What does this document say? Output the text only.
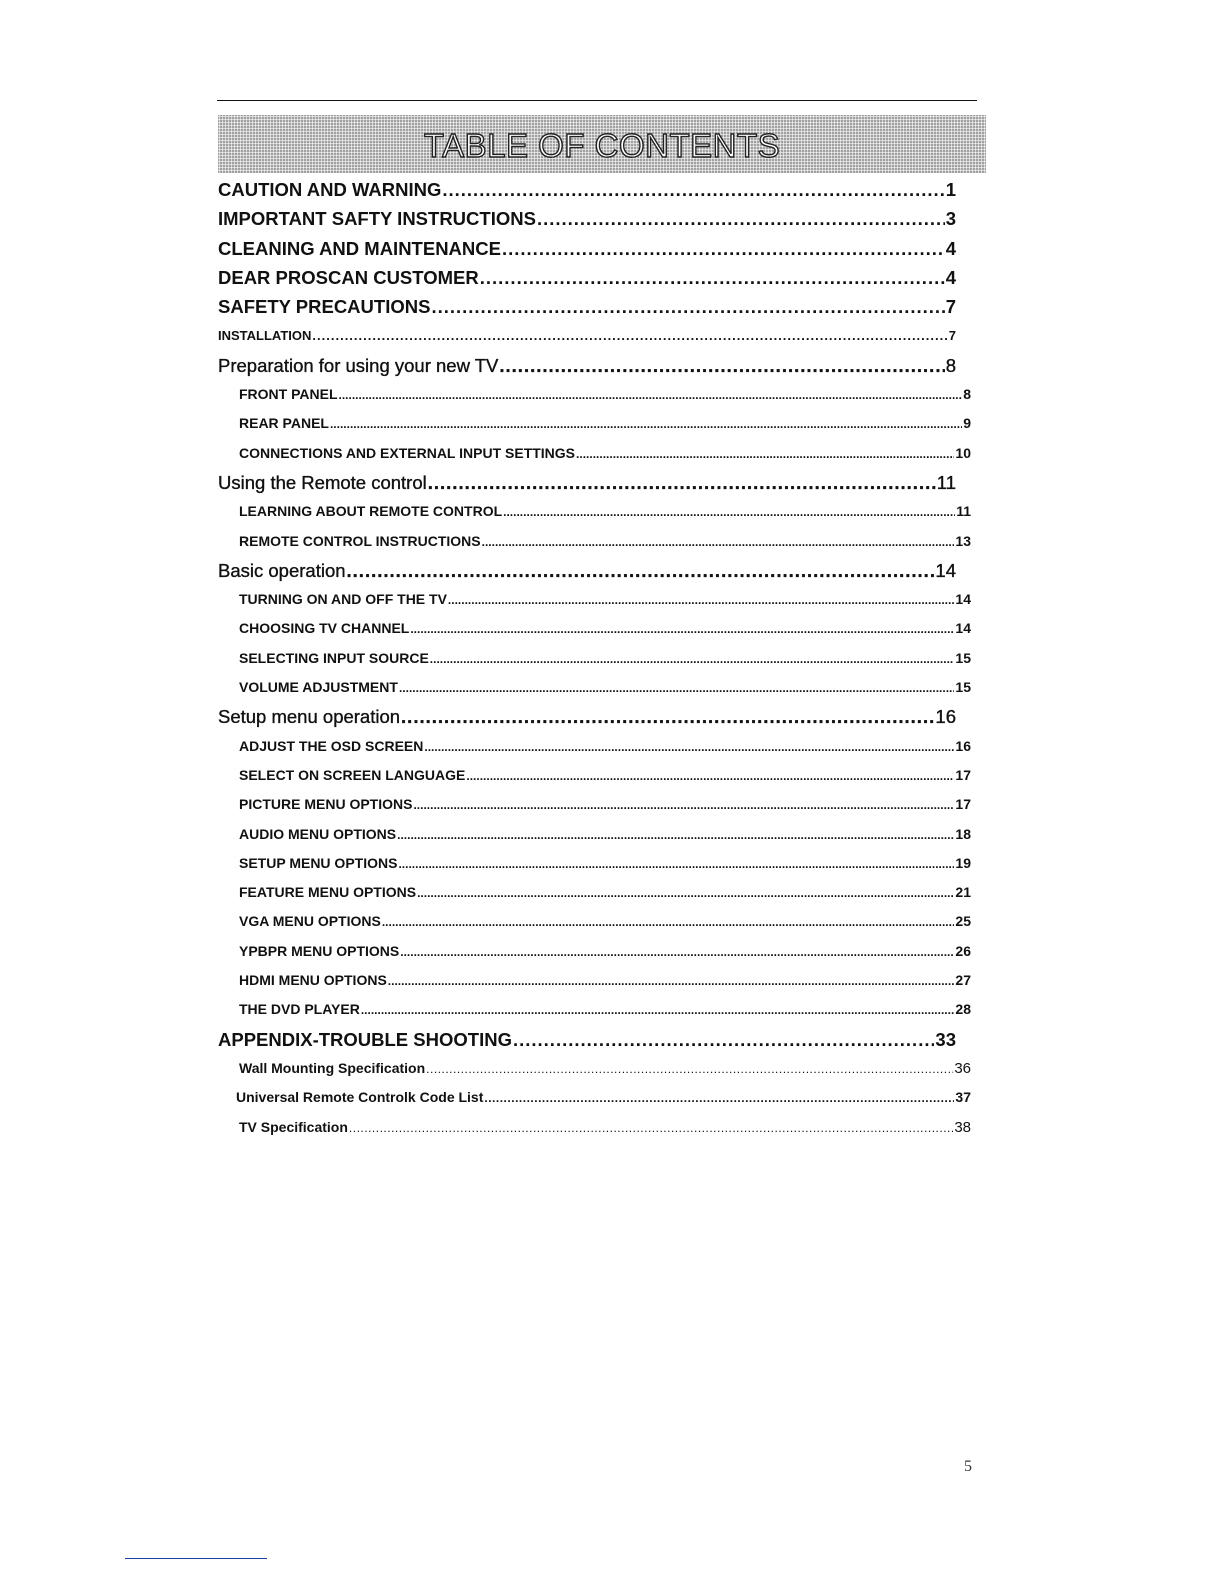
TABLE OF CONTENTS
CAUTION AND WARNING .....	1
IMPORTANT SAFTY INSTRUCTIONS .....	3
CLEANING AND MAINTENANCE .....	4
DEAR PROSCAN CUSTOMER .....	4
SAFETY PRECAUTIONS .....	7
INSTALLATION .....	7
Preparation for using your new TV .....	8
FRONT PANEL .....	8
REAR PANEL .....	9
CONNECTIONS AND EXTERNAL INPUT SETTINGS .....	10
Using the Remote control .....	11
LEARNING ABOUT REMOTE CONTROL .....	11
REMOTE CONTROL INSTRUCTIONS .....	13
Basic operation .....	14
TURNING ON AND OFF THE TV .....	14
CHOOSING TV CHANNEL .....	14
SELECTING INPUT SOURCE .....	15
VOLUME ADJUSTMENT .....	15
Setup menu operation .....	16
ADJUST THE OSD SCREEN .....	16
SELECT ON SCREEN LANGUAGE .....	17
PICTURE MENU OPTIONS .....	17
AUDIO MENU OPTIONS .....	18
SETUP MENU OPTIONS .....	19
FEATURE MENU OPTIONS .....	21
VGA MENU OPTIONS .....	25
YPBPR MENU OPTIONS .....	26
HDMI MENU OPTIONS .....	27
THE DVD PLAYER .....	28
APPENDIX-TROUBLE SHOOTING .....	33
Wall Mounting Specification .....	36
Universal Remote Controlk Code List .....	37
TV Specification .....	38
5
